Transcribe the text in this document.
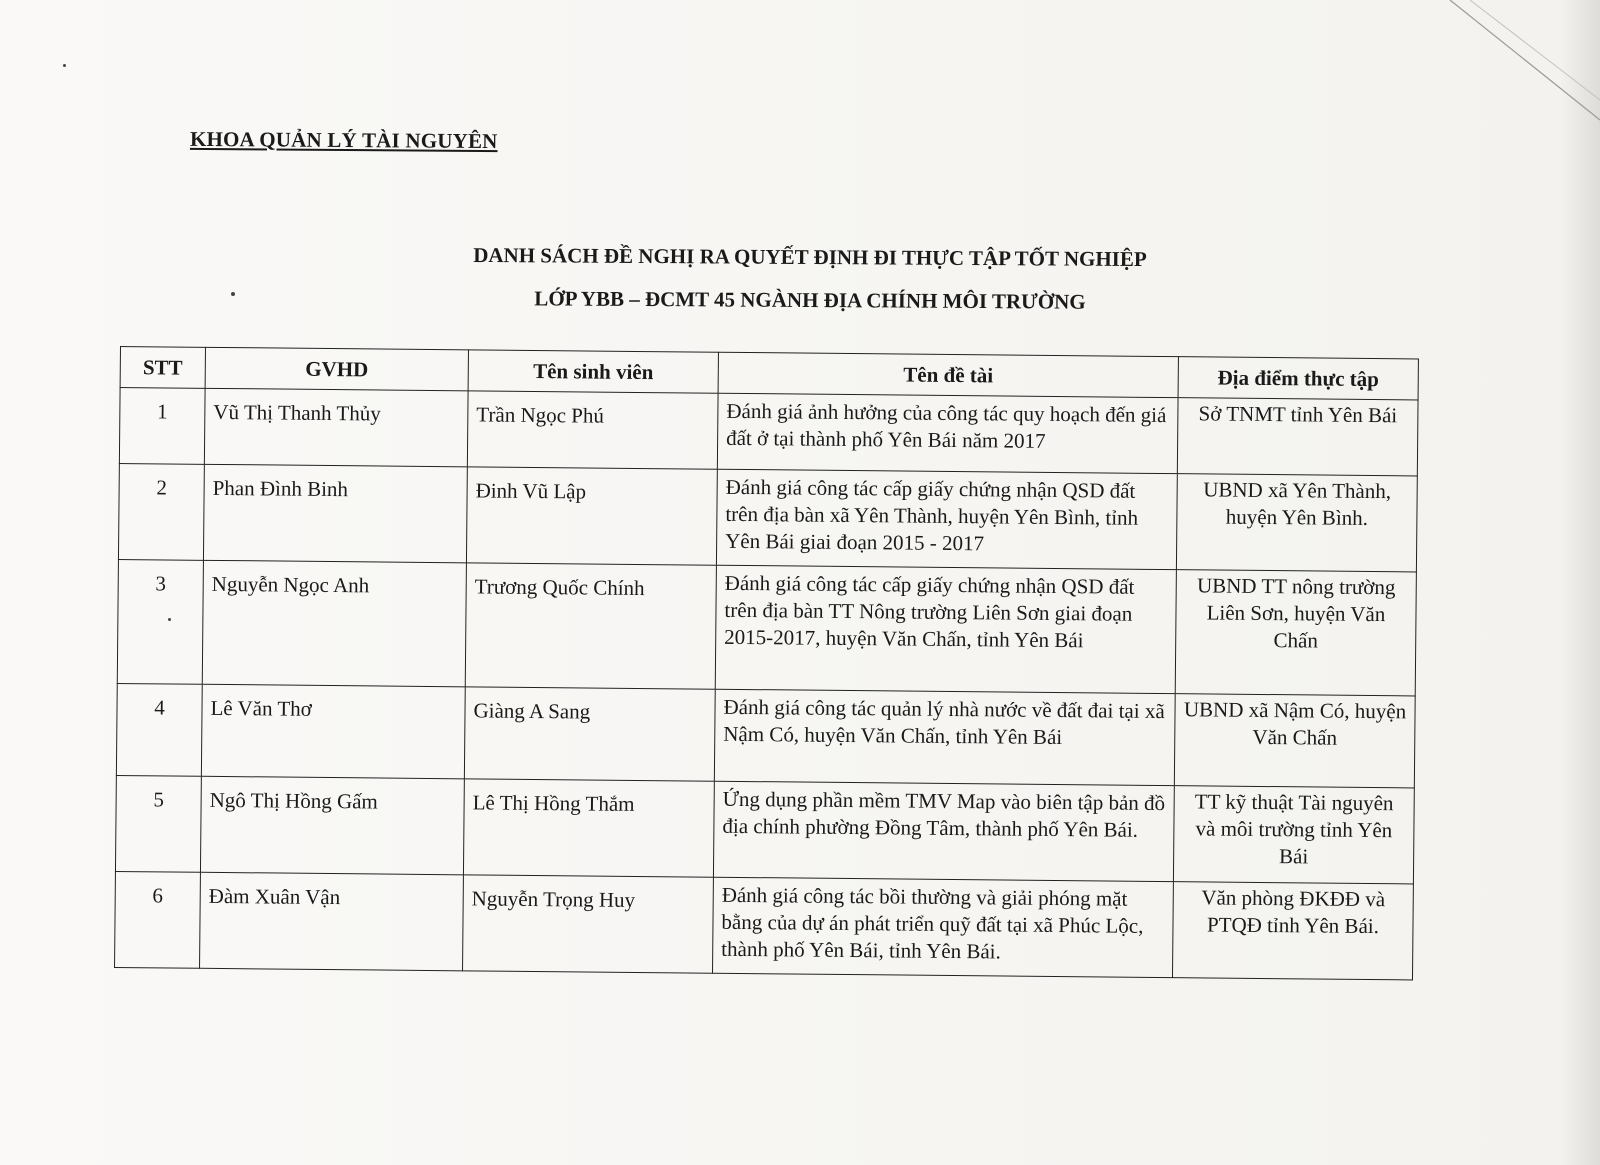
KHOA QUẢN LÝ TÀI NGUYÊN
DANH SÁCH ĐỀ NGHỊ RA QUYẾT ĐỊNH ĐI THỰC TẬP TỐT NGHIỆP
LỚP YBB – ĐCMT 45 NGÀNH ĐỊA CHÍNH MÔI TRƯỜNG
STT	GVHD	Tên sinh viên	Tên đề tài	Địa điểm thực tập
1	Vũ Thị Thanh Thủy	Trần Ngọc Phú	Đánh giá ảnh hưởng của công tác quy hoạch đến giá đất ở tại thành phố Yên Bái năm 2017	Sở TNMT tỉnh Yên Bái
2	Phan Đình Binh	Đinh Vũ Lập	Đánh giá công tác cấp giấy chứng nhận QSD đất trên địa bàn xã Yên Thành, huyện Yên Bình, tỉnh Yên Bái giai đoạn 2015 - 2017	UBND xã Yên Thành, huyện Yên Bình.
3	Nguyễn Ngọc Anh	Trương Quốc Chính	Đánh giá công tác cấp giấy chứng nhận QSD đất trên địa bàn TT Nông trường Liên Sơn giai đoạn 2015-2017, huyện Văn Chấn, tỉnh Yên Bái	UBND TT nông trường Liên Sơn, huyện Văn Chấn
4	Lê Văn Thơ	Giàng A Sang	Đánh giá công tác quản lý nhà nước về đất đai tại xã Nậm Có, huyện Văn Chấn, tỉnh Yên Bái	UBND xã Nậm Có, huyện Văn Chấn
5	Ngô Thị Hồng Gấm	Lê Thị Hồng Thắm	Ứng dụng phần mềm TMV Map vào biên tập bản đồ địa chính phường Đồng Tâm, thành phố Yên Bái.	TT kỹ thuật Tài nguyên và môi trường tỉnh Yên Bái
6	Đàm Xuân Vận	Nguyễn Trọng Huy	Đánh giá công tác bồi thường và giải phóng mặt bằng của dự án phát triển quỹ đất tại xã Phúc Lộc, thành phố Yên Bái, tỉnh Yên Bái.	Văn phòng ĐKĐĐ và PTQĐ tỉnh Yên Bái.
